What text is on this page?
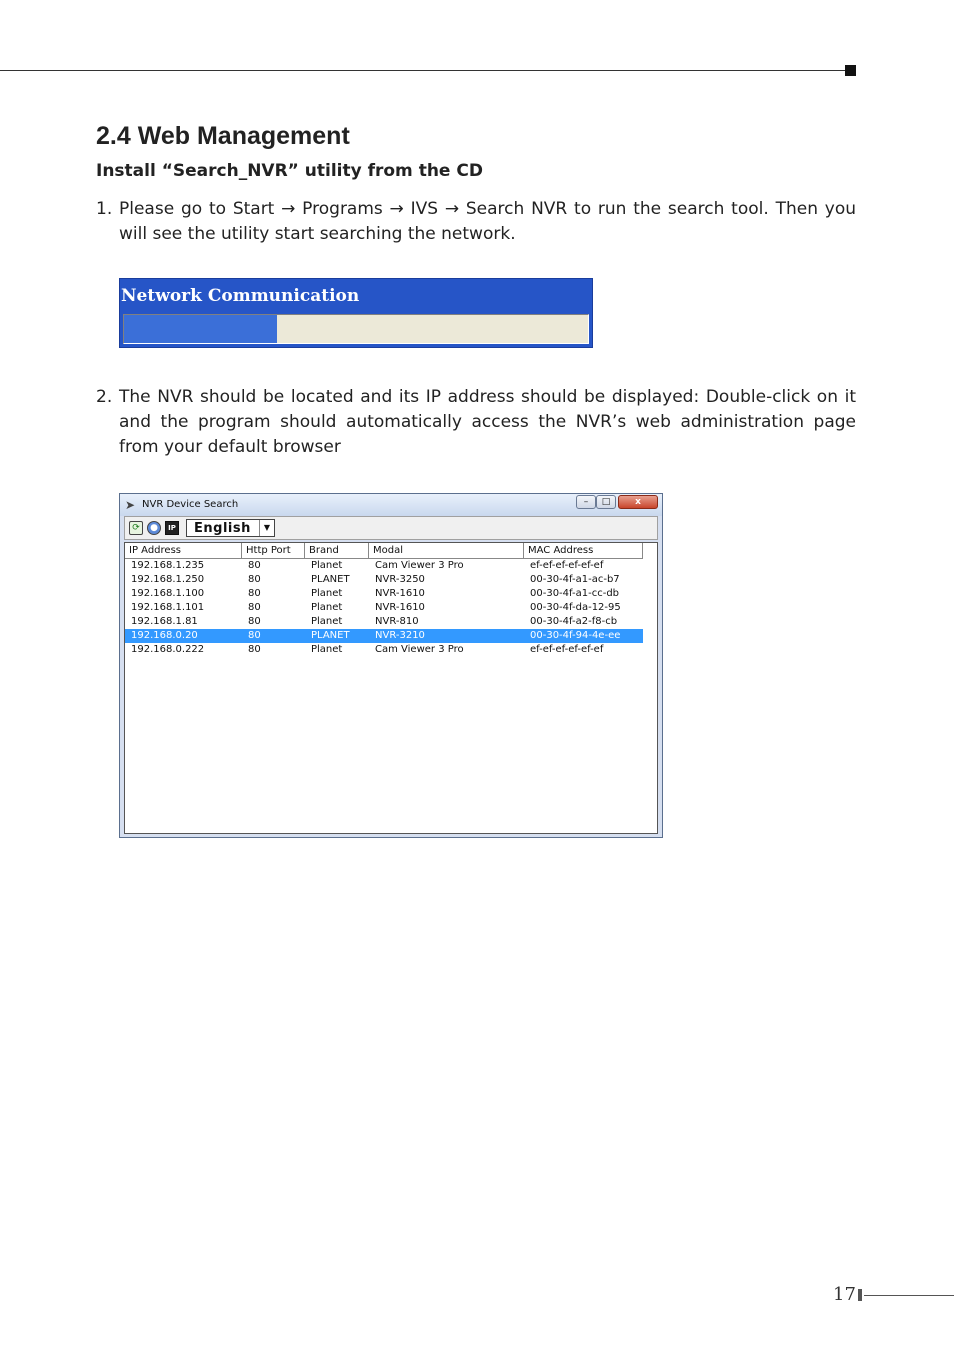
2.4 Web Management
Install “Search_NVR” utility from the CD
1. Please go to Start → Programs → IVS → Search NVR to run the search tool. Then you will see the utility start searching the network.
Network Communication
2. The NVR should be located and its IP address should be displayed: Double-click on it and the program should automatically access the NVR’s web administration page from your default browser
➤ NVR Device Search	–	□	x
⟳	●	IP English	▼
IP Address	Http Port	Brand	Modal	MAC Address
192.168.1.235	80	Planet	Cam Viewer 3 Pro	ef-ef-ef-ef-ef-ef
192.168.1.250	80	PLANET	NVR-3250	00-30-4f-a1-ac-b7
192.168.1.100	80	Planet	NVR-1610	00-30-4f-a1-cc-db
192.168.1.101	80	Planet	NVR-1610	00-30-4f-da-12-95
192.168.1.81	80	Planet	NVR-810	00-30-4f-a2-f8-cb
192.168.0.20	80	PLANET	NVR-3210	00-30-4f-94-4e-ee
192.168.0.222	80	Planet	Cam Viewer 3 Pro	ef-ef-ef-ef-ef-ef
17
